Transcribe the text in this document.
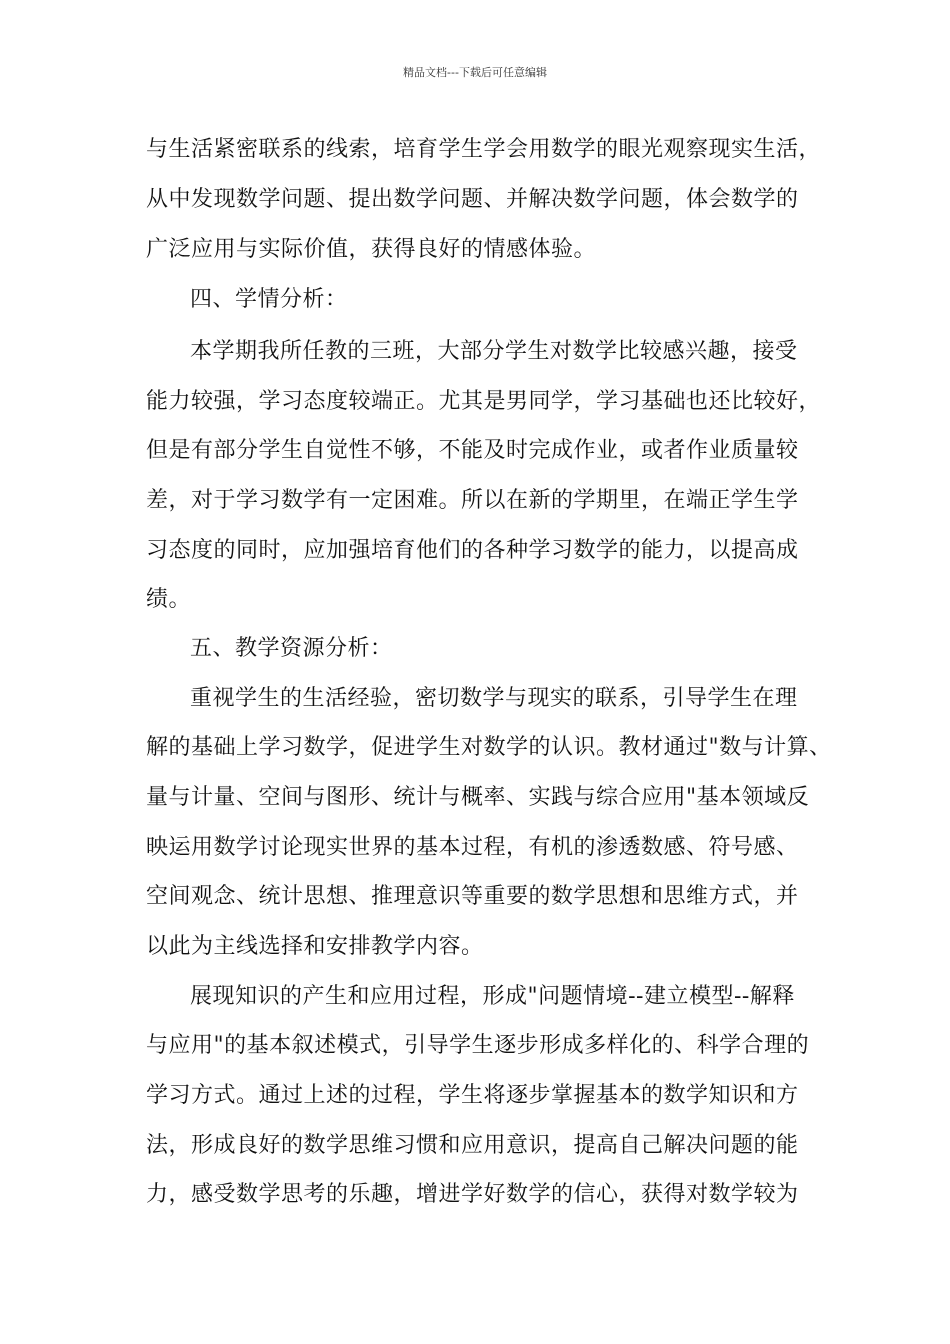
精品文档---下载后可任意编辑
与生活紧密联系的线索，培育学生学会用数学的眼光观察现实生活，
从中发现数学问题、提出数学问题、并解决数学问题，体会数学的
广泛应用与实际价值，获得良好的情感体验。
四、学情分析：
本学期我所任教的三班，大部分学生对数学比较感兴趣，接受
能力较强，学习态度较端正。尤其是男同学，学习基础也还比较好，
但是有部分学生自觉性不够，不能及时完成作业，或者作业质量较
差，对于学习数学有一定困难。所以在新的学期里，在端正学生学
习态度的同时，应加强培育他们的各种学习数学的能力，以提高成
绩。
五、教学资源分析：
重视学生的生活经验，密切数学与现实的联系，引导学生在理
解的基础上学习数学，促进学生对数学的认识。教材通过"数与计算、
量与计量、空间与图形、统计与概率、实践与综合应用"基本领域反
映运用数学讨论现实世界的基本过程，有机的渗透数感、符号感、
空间观念、统计思想、推理意识等重要的数学思想和思维方式，并
以此为主线选择和安排教学内容。
展现知识的产生和应用过程，形成"问题情境--建立模型--解释
与应用"的基本叙述模式，引导学生逐步形成多样化的、科学合理的
学习方式。通过上述的过程，学生将逐步掌握基本的数学知识和方
法，形成良好的数学思维习惯和应用意识，提高自己解决问题的能
力，感受数学思考的乐趣，增进学好数学的信心，获得对数学较为
